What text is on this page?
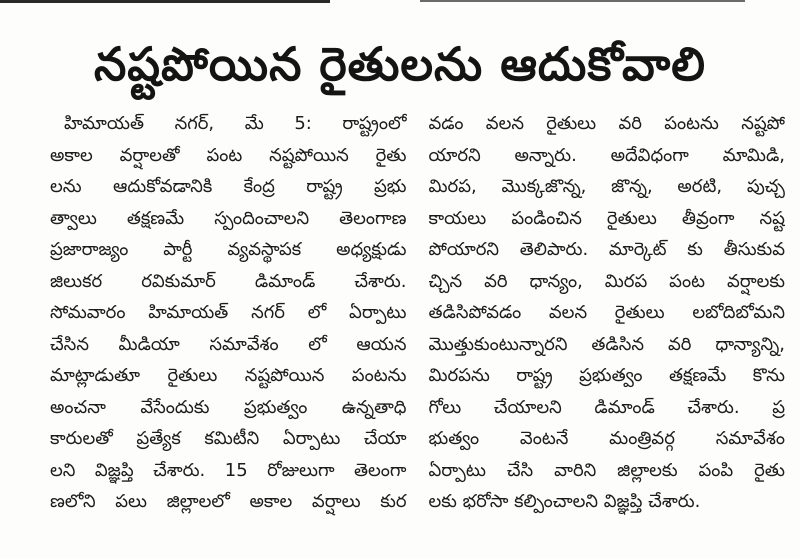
నష్టపోయిన రైతులను ఆదుకోవాలి
హిమాయత్ నగర్, మే 5: రాష్ట్రంలో
అకాల వర్షాలతో పంట నష్టపోయిన రైతు
లను ఆదుకోవడానికి కేంద్ర రాష్ట్ర ప్రభు
త్వాలు తక్షణమే స్పందించాలని తెలంగాణ
ప్రజారాజ్యం పార్టీ వ్యవస్థాపక అధ్యక్షుడు
జిలుకర రవికుమార్ డిమాండ్ చేశారు.
సోమవారం హిమాయత్ నగర్ లో ఏర్పాటు
చేసిన మీడియా సమావేశం లో ఆయన
మాట్లాడుతూ రైతులు నష్టపోయిన పంటను
అంచనా వేసేందుకు ప్రభుత్వం ఉన్నతాధి
కారులతో ప్రత్యేక కమిటీని ఏర్పాటు చేయా
లని విజ్ఞప్తి చేశారు. 15 రోజులుగా తెలంగా
ణలోని పలు జిల్లాలలో అకాల వర్షాలు కుర
వడం వలన రైతులు వరి పంటను నష్టపో
యారని అన్నారు. అదేవిధంగా మామిడి,
మిరప, మొక్కజొన్న, జొన్న, అరటి, పుచ్చ
కాయలు పండించిన రైతులు తీవ్రంగా నష్ట
పోయారని తెలిపారు. మార్కెట్ కు తీసుకువ
చ్చిన వరి ధాన్యం, మిరప పంట వర్షాలకు
తడిసిపోవడం వలన రైతులు లబోదిబోమని
మొత్తుకుంటున్నారని తడిసిన వరి ధాన్యాన్ని,
మిరపను రాష్ట్ర ప్రభుత్వం తక్షణమే కొను
గోలు చేయాలని డిమాండ్ చేశారు. ప్ర
భుత్వం వెంటనే మంత్రివర్గ సమావేశం
ఏర్పాటు చేసి వారిని జిల్లాలకు పంపి రైతు
లకు భరోసా కల్పించాలని విజ్ఞప్తి చేశారు.
